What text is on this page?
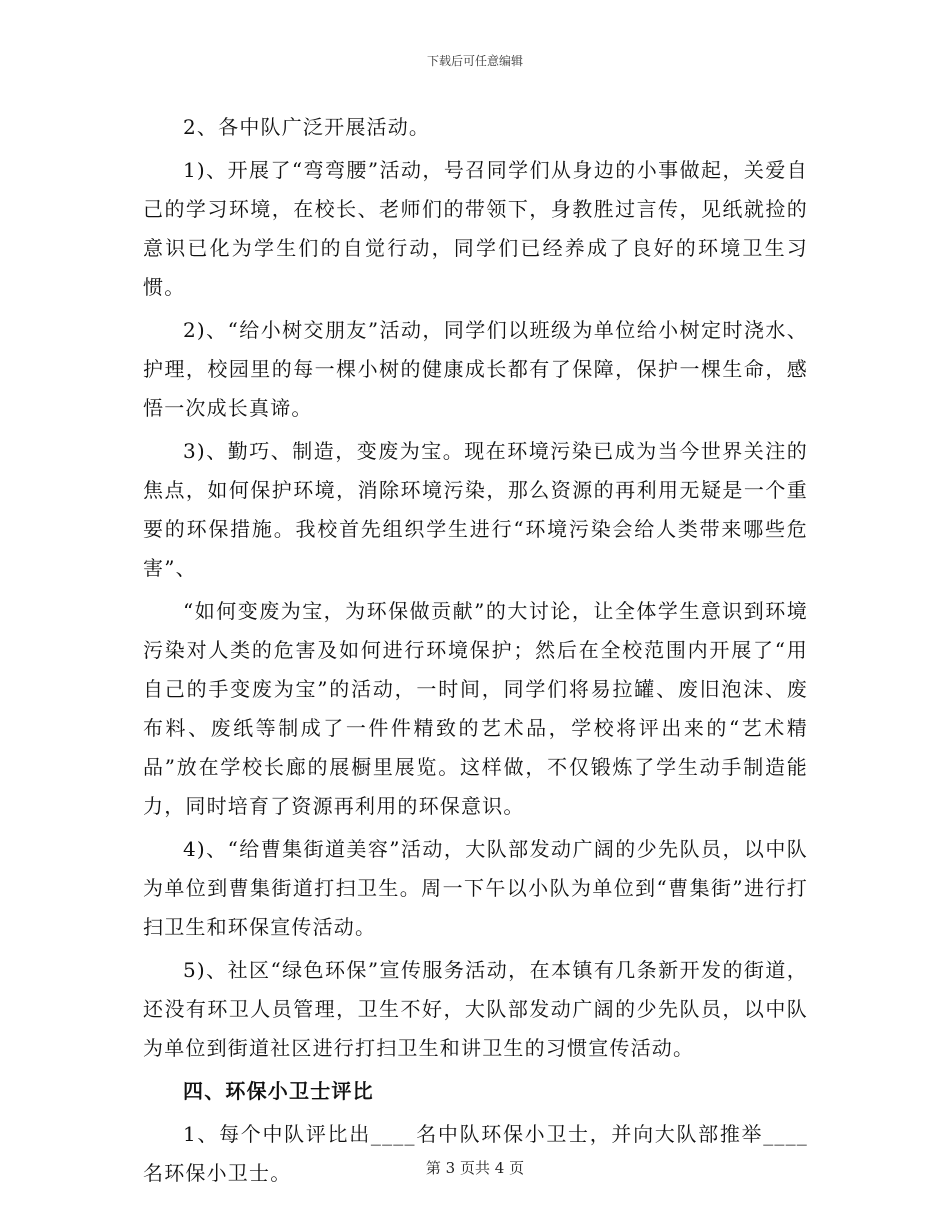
下载后可任意编辑

2、各中队广泛开展活动。

1)、开展了“弯弯腰”活动，号召同学们从身边的小事做起，关爱自己的学习环境，在校长、老师们的带领下，身教胜过言传，见纸就捡的意识已化为学生们的自觉行动，同学们已经养成了良好的环境卫生习惯。

2)、“给小树交朋友”活动，同学们以班级为单位给小树定时浇水、护理，校园里的每一棵小树的健康成长都有了保障，保护一棵生命，感悟一次成长真谛。

3)、勤巧、制造，变废为宝。现在环境污染已成为当今世界关注的焦点，如何保护环境，消除环境污染，那么资源的再利用无疑是一个重要的环保措施。我校首先组织学生进行“环境污染会给人类带来哪些危害”、

“如何变废为宝，为环保做贡献”的大讨论，让全体学生意识到环境污染对人类的危害及如何进行环境保护；然后在全校范围内开展了“用自己的手变废为宝”的活动，一时间，同学们将易拉罐、废旧泡沫、废布料、废纸等制成了一件件精致的艺术品，学校将评出来的“艺术精品”放在学校长廊的展橱里展览。这样做，不仅锻炼了学生动手制造能力，同时培育了资源再利用的环保意识。

4)、“给曹集街道美容”活动，大队部发动广阔的少先队员，以中队为单位到曹集街道打扫卫生。周一下午以小队为单位到“曹集街”进行打扫卫生和环保宣传活动。

5)、社区“绿色环保”宣传服务活动，在本镇有几条新开发的街道，还没有环卫人员管理，卫生不好，大队部发动广阔的少先队员，以中队为单位到街道社区进行打扫卫生和讲卫生的习惯宣传活动。

四、环保小卫士评比

1、每个中队评比出____名中队环保小卫士，并向大队部推举____名环保小卫士。	第 3 页共 4 页
